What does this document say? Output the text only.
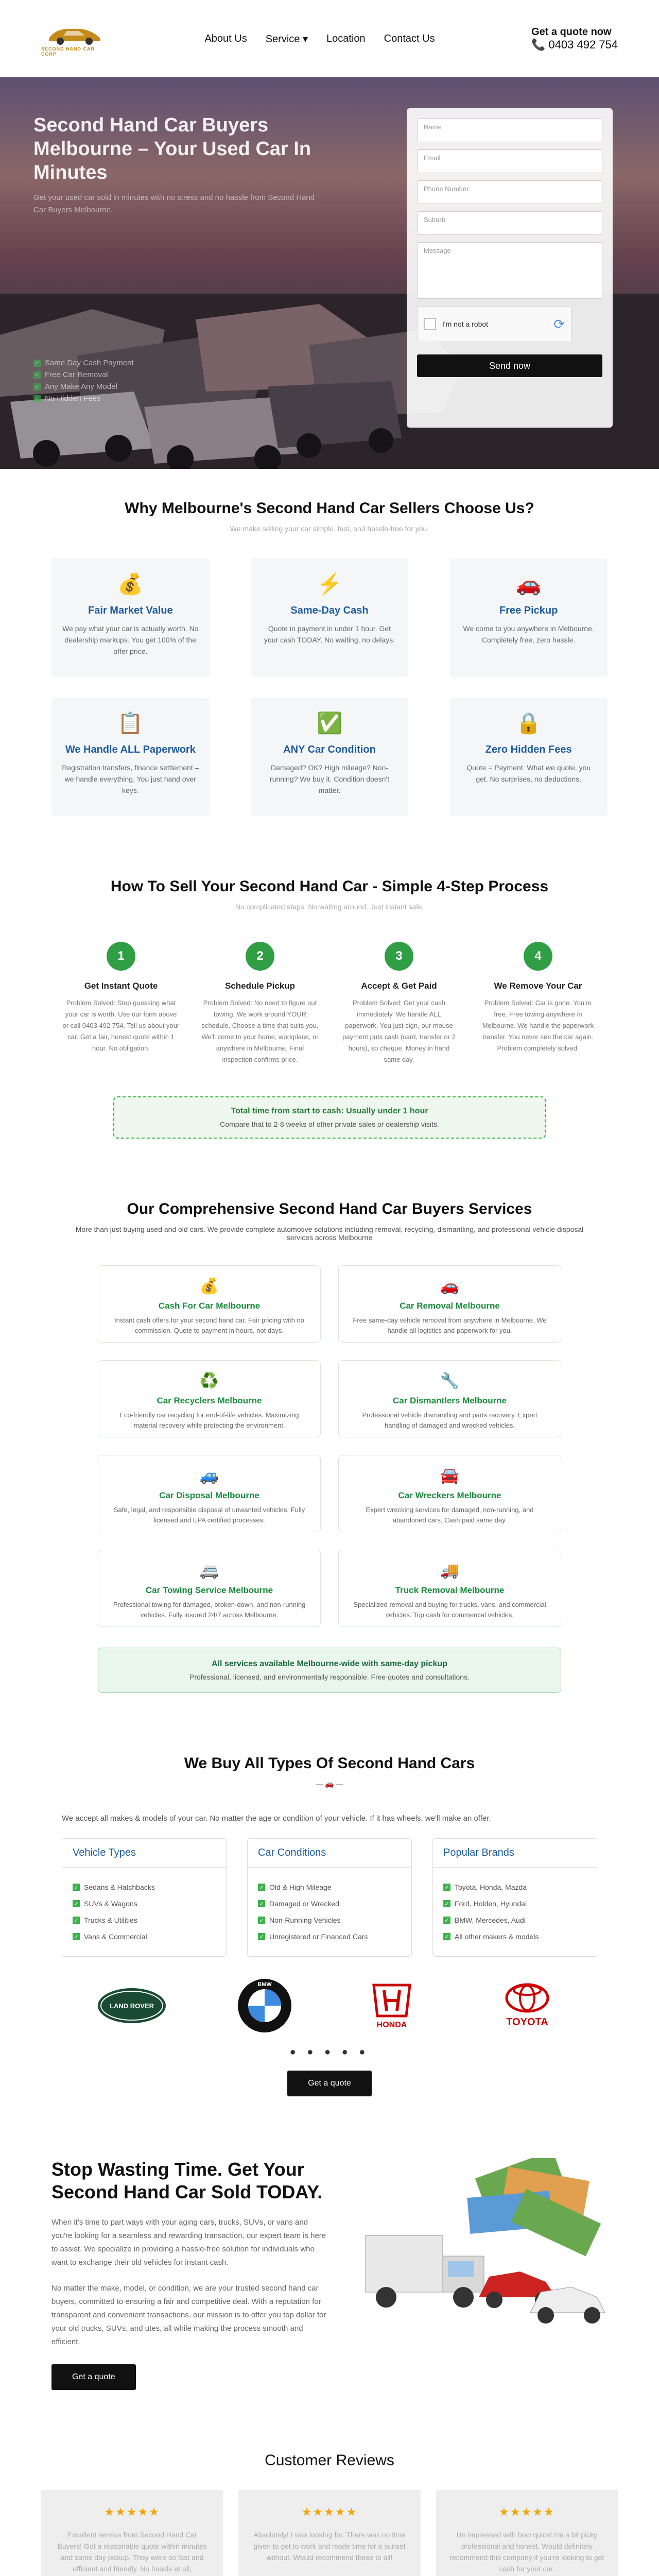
SECOND HAND CAR CORP
About Us Service ▾ Location Contact Us
Get a quote now
📞 0403 492 754
Second Hand Car Buyers Melbourne – Your Used Car In Minutes

Get your used car sold in minutes with no stress and no hassle from Second Hand Car Buyers Melbourne.

✓ Same Day Cash Payment
✓ Free Car Removal
✓ Any Make Any Model
✓ No Hidden Fees
Name
Email
Phone Number
Suburb
Message
I'm not a robot	⟳
Send now
Why Melbourne's Second Hand Car Sellers Choose Us?
We make selling your car simple, fast, and hassle-free for you.
💰
Fair Market Value

We pay what your car is actually worth. No dealership markups. You get 100% of the offer price.

⚡
Same-Day Cash

Quote in payment in under 1 hour. Get your cash TODAY. No waiting, no delays.

🚗
Free Pickup

We come to you anywhere in Melbourne. Completely free, zero hassle.

📋
We Handle ALL Paperwork

Registration transfers, finance settlement – we handle everything. You just hand over keys.

✅
ANY Car Condition

Damaged? OK? High mileage? Non-running? We buy it. Condition doesn't matter.

🔒
Zero Hidden Fees

Quote = Payment. What we quote, you get. No surprises, no deductions.

How To Sell Your Second Hand Car - Simple 4-Step Process
No complicated steps. No waiting around. Just instant sale.
1
Get Instant Quote

Problem Solved: Stop guessing what your car is worth. Use our form above or call 0403 492 754. Tell us about your car. Get a fair, honest quote within 1 hour. No obligation.

2
Schedule Pickup

Problem Solved: No need to figure out towing. We work around YOUR schedule. Choose a time that suits you. We'll come to your home, workplace, or anywhere in Melbourne. Final inspection confirms price.

3
Accept & Get Paid

Problem Solved: Get your cash immediately. We handle ALL paperwork. You just sign, our mouse payment puts cash (card, transfer or 2 hours), so cheque. Money in hand same day.

4
We Remove Your Car

Problem Solved: Car is gone. You're free. Free towing anywhere in Melbourne. We handle the paperwork transfer. You never see the car again. Problem completely solved.

Total time from start to cash: Usually under 1 hour
Compare that to 2-8 weeks of other private sales or dealership visits.
Our Comprehensive Second Hand Car Buyers Services
More than just buying used and old cars. We provide complete automotive solutions including removal, recycling, dismantling, and professional vehicle disposal services across Melbourne
💰
Cash For Car Melbourne

Instant cash offers for your second hand car. Fair pricing with no commission. Quote to payment in hours, not days.

🚗
Car Removal Melbourne

Free same-day vehicle removal from anywhere in Melbourne. We handle all logistics and paperwork for you.

♻️
Car Recyclers Melbourne

Eco-friendly car recycling for end-of-life vehicles. Maximizing material recovery while protecting the environment.

🔧
Car Dismantlers Melbourne

Professional vehicle dismantling and parts recovery. Expert handling of damaged and wrecked vehicles.

🚙
Car Disposal Melbourne

Safe, legal, and responsible disposal of unwanted vehicles. Fully licensed and EPA certified processes.

🚘
Car Wreckers Melbourne

Expert wrecking services for damaged, non-running, and abandoned cars. Cash paid same day.

🚐
Car Towing Service Melbourne

Professional towing for damaged, broken-down, and non-running vehicles. Fully insured 24/7 across Melbourne.

🚚
Truck Removal Melbourne

Specialized removal and buying for trucks, vans, and commercial vehicles. Top cash for commercial vehicles.

All services available Melbourne-wide with same-day pickup
Professional, licensed, and environmentally responsible. Free quotes and consultations.
We Buy All Types Of Second Hand Cars
— 🚗 —
We accept all makes & models of your car. No matter the age or condition of your vehicle. If it has wheels, we'll make an offer.
Vehicle Types
✓ Sedans & Hatchbacks
✓ SUVs & Wagons
✓ Trucks & Utilities
✓ Vans & Commercial
Car Conditions
✓ Old & High Mileage
✓ Damaged or Wrecked
✓ Non-Running Vehicles
✓ Unregistered or Financed Cars
Popular Brands
✓ Toyota, Honda, Mazda
✓ Ford, Holden, Hyundai
✓ BMW, Mercedes, Audi
✓ All other makers & models
LAND ROVER
BMW
HONDA	TOYOTA
● ● ● ● ●
Get a quote
Stop Wasting Time. Get Your Second Hand Car Sold TODAY.

When it's time to part ways with your aging cars, trucks, SUVs, or vans and you're looking for a seamless and rewarding transaction, our expert team is here to assist. We specialize in providing a hassle-free solution for individuals who want to exchange their old vehicles for instant cash.

No matter the make, model, or condition, we are your trusted second hand car buyers, committed to ensuring a fair and competitive deal. With a reputation for transparent and convenient transactions, our mission is to offer you top dollar for your old trucks, SUVs, and utes, all while making the process smooth and efficient.

Get a quote
Customer Reviews
★★★★★

Excellent service from Second Hand Car Buyers! Got a reasonable quote within minutes and same day pickup. They were so fast and efficient and friendly. No hassle at all,

★★★★★

Absolutely! I was looking for. There was no time given to get to work and made time for a sunset without. Would recommend these to all!

★★★★★

I'm impressed with how quick! I'm a bit picky professional and honest. Would definitely recommend this company if you're looking to get cash for your car.
